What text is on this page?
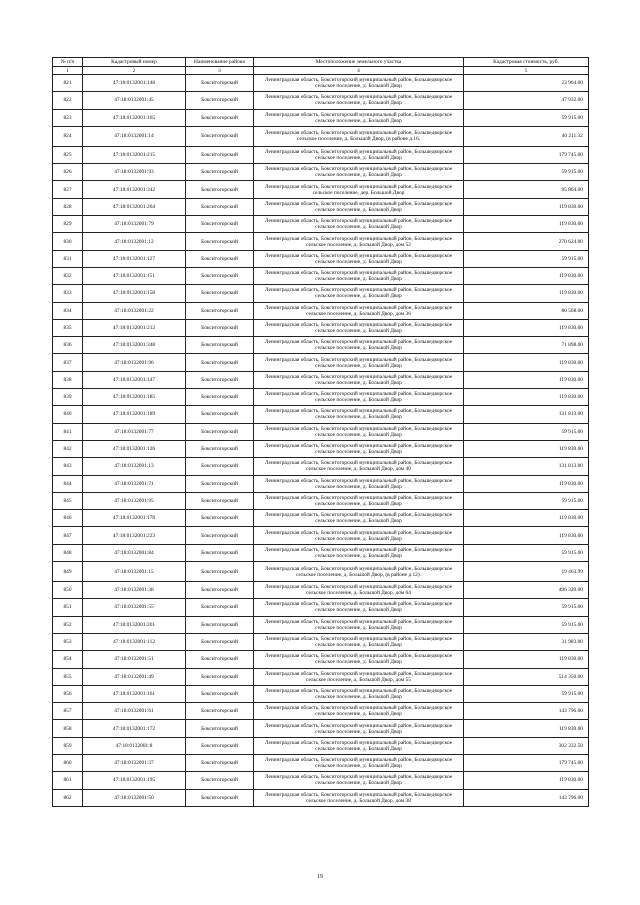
№ п/п	Кадастровый номер	Наименование района	Местоположение земельного участка	Кадастровая стоимость, руб.
1	2	3	4	5
821	47:18:0132001:148	Бокситогорский	Ленинградская область, Бокситогорский муниципальный район, Большедворское сельское поселение, д. Большой Двор	23 964.00
822	47:18:0132001:45	Бокситогорский	Ленинградская область, Бокситогорский муниципальный район, Большедворское сельское поселение, д. Большой Двор	47 932.00
823	47:18:0132001:165	Бокситогорский	Ленинградская область, Бокситогорский муниципальный район, Большедворское сельское поселение, д. Большой Двор	59 915.00
824	47:18:0132001:14	Бокситогорский	Ленинградская область, Бокситогорский муниципальный район, Большедворское сельское поселение, д. Большой Двор, (в районе д.16.	40 211.32
825	47:18:0132001:215	Бокситогорский	Ленинградская область, Бокситогорский муниципальный район, Большедворское сельское поселение, д. Большой Двор	179 745.00
826	47:18:0132001:93	Бокситогорский	Ленинградская область, Бокситогорский муниципальный район, Большедворское сельское поселение, д. Большой Двор	59 915.00
827	47:18:0132001:342	Бокситогорский	Ленинградская область, Бокситогорский муниципальный район, Большедворское сельское поселение, дер. Большой Двор	95 864.00
828	47:18:0132001:264	Бокситогорский	Ленинградская область, Бокситогорский муниципальный район, Большедворское сельское поселение, д. Большой Двор	119 830.00
829	47:18:0132001:79	Бокситогорский	Ленинградская область, Бокситогорский муниципальный район, Большедворское сельское поселение, д. Большой Двор	119 830.00
830	47:18:0132001:12	Бокситогорский	Ленинградская область, Бокситогорский муниципальный район, Большедворское сельское поселение, д. Большой Двор, дом 52	270 624.00
831	47:18:0132001:127	Бокситогорский	Ленинградская область, Бокситогорский муниципальный район, Большедворское сельское поселение, д. Большой Двор	59 915.00
832	47:18:0132001:151	Бокситогорский	Ленинградская область, Бокситогорский муниципальный район, Большедворское сельское поселение, д. Большой Двор	119 830.00
833	47:18:0132001:158	Бокситогорский	Ленинградская область, Бокситогорский муниципальный район, Большедворское сельское поселение, д. Большой Двор	119 830.00
834	47:18:0132001:22	Бокситогорский	Ленинградская область, Бокситогорский муниципальный район, Большедворское сельское поселение, д. Большой Двор, дом 36	80 568.00
835	47:18:0132001:212	Бокситогорский	Ленинградская область, Бокситогорский муниципальный район, Большедворское сельское поселение, д. Большой Двор	119 830.00
836	47:18:0132001:348	Бокситогорский	Ленинградская область, Бокситогорский муниципальный район, Большедворское сельское поселение, д. Большой Двор	71 898.00
837	47:18:0132001:96	Бокситогорский	Ленинградская область, Бокситогорский муниципальный район, Большедворское сельское поселение, д. Большой Двор	119 830.00
838	47:18:0132001:147	Бокситогорский	Ленинградская область, Бокситогорский муниципальный район, Большедворское сельское поселение, д. Большой Двор	119 830.00
839	47:18:0132001:185	Бокситогорский	Ленинградская область, Бокситогорский муниципальный район, Большедворское сельское поселение, д. Большой Двор	119 830.00
840	47:18:0132001:189	Бокситогорский	Ленинградская область, Бокситогорский муниципальный район, Большедворское сельское поселение, д. Большой Двор	131 813.00
841	47:18:0132001:77	Бокситогорский	Ленинградская область, Бокситогорский муниципальный район, Большедворское сельское поселение, д. Большой Двор	59 915.00
842	47:18:0132001:126	Бокситогорский	Ленинградская область, Бокситогорский муниципальный район, Большедворское сельское поселение, д. Большой Двор	119 830.00
843	47:18:0132001:13	Бокситогорский	Ленинградская область, Бокситогорский муниципальный район, Большедворское сельское поселение, д. Большой Двор, дом 40	131 813.00
844	47:18:0132001:71	Бокситогорский	Ленинградская область, Бокситогорский муниципальный район, Большедворское сельское поселение, д. Большой Двор	119 830.00
845	47:18:0132001:95	Бокситогорский	Ленинградская область, Бокситогорский муниципальный район, Большедворское сельское поселение, д. Большой Двор	59 915.00
846	47:18:0132001:178	Бокситогорский	Ленинградская область, Бокситогорский муниципальный район, Большедворское сельское поселение, д. Большой Двор	119 830.00
847	47:18:0132001:223	Бокситогорский	Ленинградская область, Бокситогорский муниципальный район, Большедворское сельское поселение, д. Большой Двор	119 830.00
848	47:18:0132001:84	Бокситогорский	Ленинградская область, Бокситогорский муниципальный район, Большедворское сельское поселение, д. Большой Двор	59 915.00
849	47:18:0132001:15	Бокситогорский	Ленинградская область, Бокситогорский муниципальный район, Большедворское сельское поселение, д. Большой Двор, (в районе д.12).	19 463.99
850	47:18:0132001:38	Бокситогорский	Ленинградская область, Бокситогорский муниципальный район, Большедворское сельское поселение, д. Большой Двор, дом 64	496 320.00
851	47:18:0132001:55	Бокситогорский	Ленинградская область, Бокситогорский муниципальный район, Большедворское сельское поселение, д. Большой Двор	59 915.00
852	47:18:0132001:201	Бокситогорский	Ленинградская область, Бокситогорский муниципальный район, Большедворское сельское поселение, д. Большой Двор	59 915.00
853	47:18:0132001:112	Бокситогорский	Ленинградская область, Бокситогорский муниципальный район, Большедворское сельское поселение, д. Большой Двор	31 983.00
854	47:18:0132001:51	Бокситогорский	Ленинградская область, Бокситогорский муниципальный район, Большедворское сельское поселение, д. Большой Двор	119 830.00
855	47:18:0132001:49	Бокситогорский	Ленинградская область, Бокситогорский муниципальный район, Большедворское сельское поселение, д. Большой Двор, дом 55	514 350.00
856	47:18:0132001:161	Бокситогорский	Ленинградская область, Бокситогорский муниципальный район, Большедворское сельское поселение, д. Большой Двор	59 915.00
857	47:18:0132001:61	Бокситогорский	Ленинградская область, Бокситогорский муниципальный район, Большедворское сельское поселение, д. Большой Двор	143 796.00
858	47:18:0132001:172	Бокситогорский	Ленинградская область, Бокситогорский муниципальный район, Большедворское сельское поселение, д. Большой Двор	119 830.00
859	47:18:0132001:8	Бокситогорский	Ленинградская область, Бокситогорский муниципальный район, Большедворское сельское поселение, д. Большой Двор	302 332.50
860	47:18:0132001:37	Бокситогорский	Ленинградская область, Бокситогорский муниципальный район, Большедворское сельское поселение, д. Большой Двор	179 745.00
861	47:18:0132001:195	Бокситогорский	Ленинградская область, Бокситогорский муниципальный район, Большедворское сельское поселение, д. Большой Двор	119 830.00
862	47:18:0132001:50	Бокситогорский	Ленинградская область, Бокситогорский муниципальный район, Большедворское сельское поселение, д. Большой Двор, дом 38	143 796.00
19
